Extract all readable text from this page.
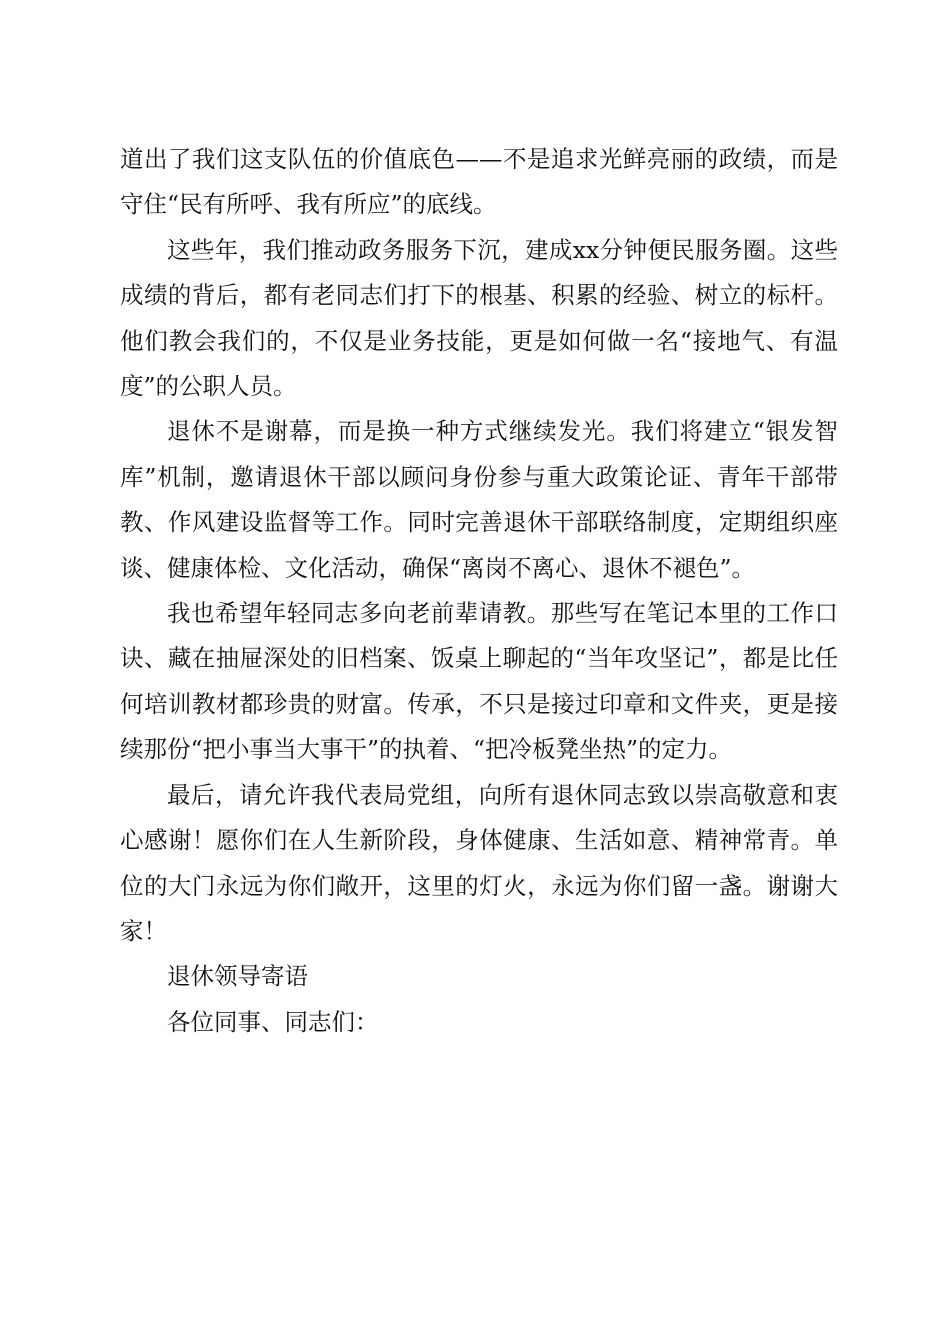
道出了我们这支队伍的价值底色——不是追求光鲜亮丽的政绩，而是守住“民有所呼、我有所应”的底线。

这些年，我们推动政务服务下沉，建成xx分钟便民服务圈。这些成绩的背后，都有老同志们打下的根基、积累的经验、树立的标杆。他们教会我们的，不仅是业务技能，更是如何做一名“接地气、有温度”的公职人员。

退休不是谢幕，而是换一种方式继续发光。我们将建立“银发智库”机制，邀请退休干部以顾问身份参与重大政策论证、青年干部带教、作风建设监督等工作。同时完善退休干部联络制度，定期组织座谈、健康体检、文化活动，确保“离岗不离心、退休不褪色”。

我也希望年轻同志多向老前辈请教。那些写在笔记本里的工作口诀、藏在抽屉深处的旧档案、饭桌上聊起的“当年攻坚记”，都是比任何培训教材都珍贵的财富。传承，不只是接过印章和文件夹，更是接续那份“把小事当大事干”的执着、“把冷板凳坐热”的定力。

最后，请允许我代表局党组，向所有退休同志致以崇高敬意和衷心感谢！愿你们在人生新阶段，身体健康、生活如意、精神常青。单位的大门永远为你们敞开，这里的灯火，永远为你们留一盏。谢谢大家！

退休领导寄语

各位同事、同志们：
